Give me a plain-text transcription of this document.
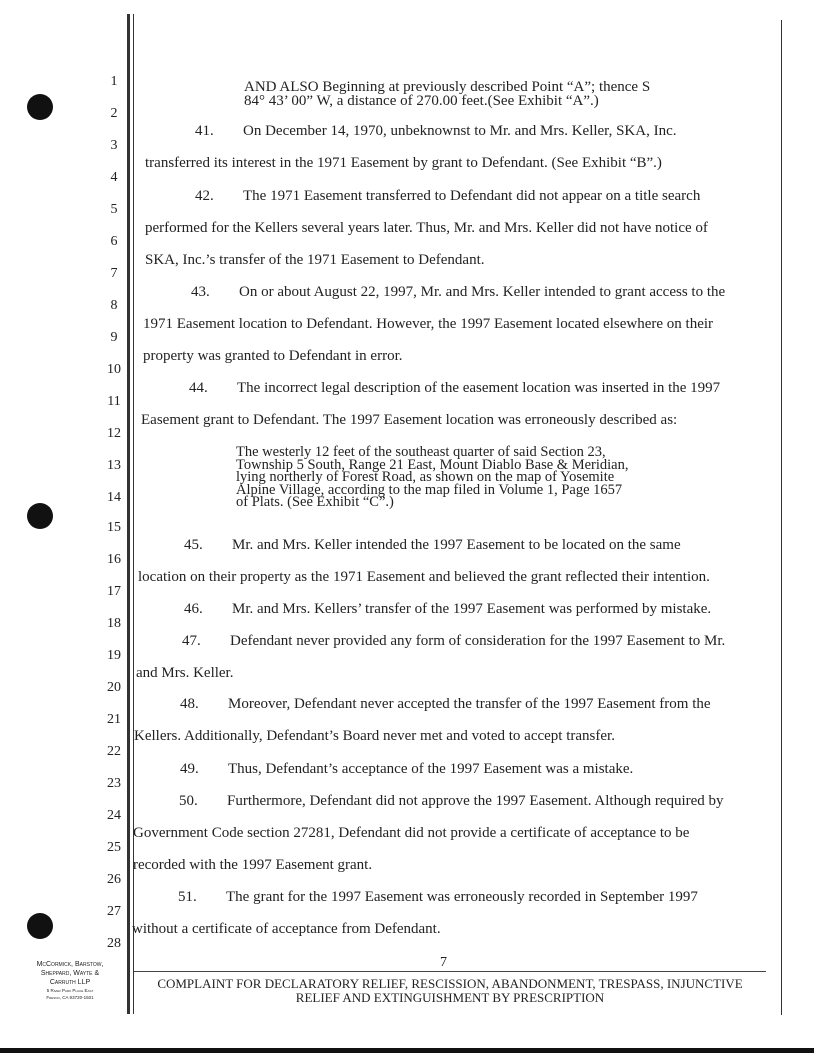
1
2
3
4
5
6
7
8
9
10
11
12
13
14
15
16
17
18
19
20
21
22
23
24
25
26
27
28
AND ALSO Beginning at previously described Point “A”; thence S
84° 43’ 00” W, a distance of 270.00 feet.(See Exhibit “A”.)
41. On December 14, 1970, unbeknownst to Mr. and Mrs. Keller, SKA, Inc.
transferred its interest in the 1971 Easement by grant to Defendant. (See Exhibit “B”.)
42. The 1971 Easement transferred to Defendant did not appear on a title search
performed for the Kellers several years later. Thus, Mr. and Mrs. Keller did not have notice of
SKA, Inc.’s transfer of the 1971 Easement to Defendant.
43. On or about August 22, 1997, Mr. and Mrs. Keller intended to grant access to the
1971 Easement location to Defendant. However, the 1997 Easement located elsewhere on their
property was granted to Defendant in error.
44. The incorrect legal description of the easement location was inserted in the 1997
Easement grant to Defendant. The 1997 Easement location was erroneously described as:
The westerly 12 feet of the southeast quarter of said Section 23,
Township 5 South, Range 21 East, Mount Diablo Base & Meridian,
lying northerly of Forest Road, as shown on the map of Yosemite
Alpine Village, according to the map filed in Volume 1, Page 1657
of Plats. (See Exhibit “C”.)
45. Mr. and Mrs. Keller intended the 1997 Easement to be located on the same
location on their property as the 1971 Easement and believed the grant reflected their intention.
46. Mr. and Mrs. Kellers’ transfer of the 1997 Easement was performed by mistake.
47. Defendant never provided any form of consideration for the 1997 Easement to Mr.
and Mrs. Keller.
48. Moreover, Defendant never accepted the transfer of the 1997 Easement from the
Kellers. Additionally, Defendant’s Board never met and voted to accept transfer.
49. Thus, Defendant’s acceptance of the 1997 Easement was a mistake.
50. Furthermore, Defendant did not approve the 1997 Easement. Although required by
Government Code section 27281, Defendant did not provide a certificate of acceptance to be
recorded with the 1997 Easement grant.
51. The grant for the 1997 Easement was erroneously recorded in September 1997
without a certificate of acceptance from Defendant.
McCormick, Barstow,
Sheppard, Wayte &
Carruth LLP
5 River Park Place East
Fresno, CA 93720-1501
7
COMPLAINT FOR DECLARATORY RELIEF, RESCISSION, ABANDONMENT, TRESPASS, INJUNCTIVE
RELIEF AND EXTINGUISHMENT BY PRESCRIPTION
